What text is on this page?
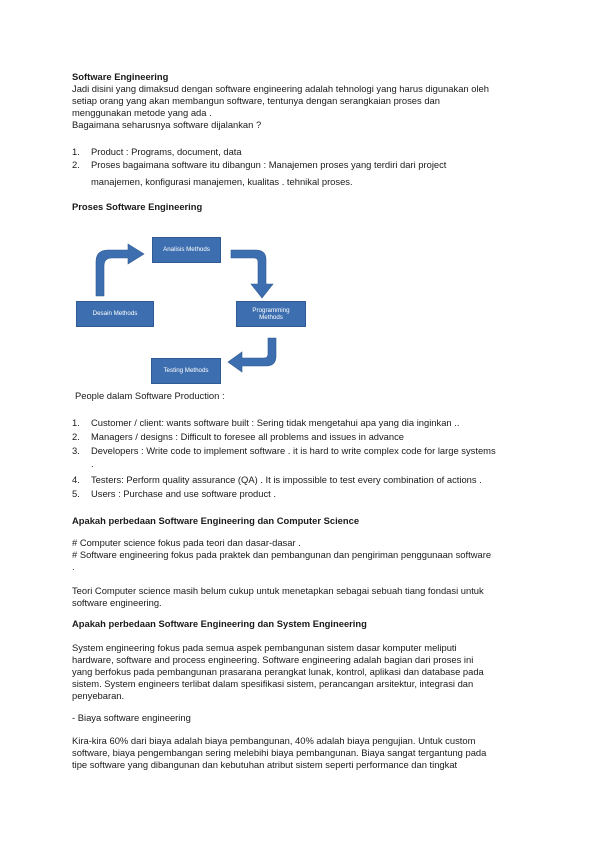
Software Engineering
Jadi disini yang dimaksud dengan software engineering adalah tehnologi yang harus digunakan oleh
setiap orang yang akan membangun software, tentunya dengan serangkaian proses dan
menggunakan metode yang ada .
Bagaimana seharusnya software dijalankan ?
1. Product : Programs, document, data
2. Proses bagaimana software itu dibangun : Manajemen proses yang terdiri dari project
manajemen, konfigurasi manajemen, kualitas . tehnikal proses.
Proses Software Engineering
Analisis Methods
Desain Methods
Programming Methods
Testing Methods
People dalam Software Production :
1. Customer / client: wants software built : Sering tidak mengetahui apa yang dia inginkan ..
2. Managers / designs : Difficult to foresee all problems and issues in advance
3. Developers : Write code to implement software . it is hard to write complex code for large systems
.
4. Testers: Perform quality assurance (QA) . It is impossible to test every combination of actions .
5. Users : Purchase and use software product .
Apakah perbedaan Software Engineering dan Computer Science
# Computer science fokus pada teori dan dasar-dasar .
# Software engineering fokus pada praktek dan pembangunan dan pengiriman penggunaan software
.
Teori Computer science masih belum cukup untuk menetapkan sebagai sebuah tiang fondasi untuk
software engineering.
Apakah perbedaan Software Engineering dan System Engineering
System engineering fokus pada semua aspek pembangunan sistem dasar komputer meliputi
hardware, software and process engineering. Software engineering adalah bagian dari proses ini
yang berfokus pada pembangunan prasarana perangkat lunak, kontrol, aplikasi dan database pada
sistem. System engineers terlibat dalam spesifikasi sistem, perancangan arsitektur, integrasi dan
penyebaran.
- Biaya software engineering
Kira-kira 60% dari biaya adalah biaya pembangunan, 40% adalah biaya pengujian. Untuk custom
software, biaya pengembangan sering melebihi biaya pembangunan. Biaya sangat tergantung pada
tipe software yang dibangunan dan kebutuhan atribut sistem seperti performance dan tingkat
